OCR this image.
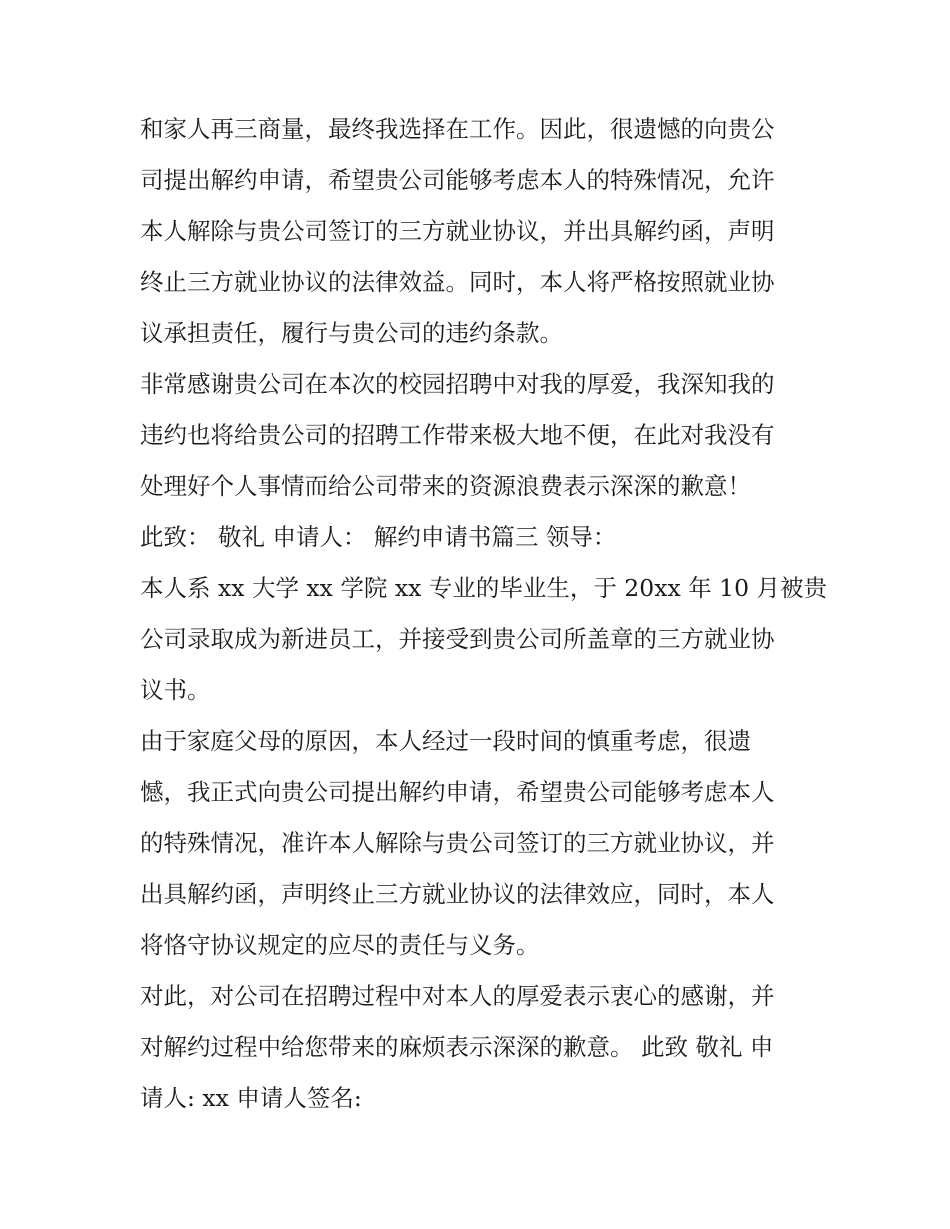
和家人再三商量，最终我选择在工作。因此，很遗憾的向贵公
司提出解约申请，希望贵公司能够考虑本人的特殊情况，允许
本人解除与贵公司签订的三方就业协议，并出具解约函，声明
终止三方就业协议的法律效益。同时，本人将严格按照就业协
议承担责任，履行与贵公司的违约条款。
非常感谢贵公司在本次的校园招聘中对我的厚爱，我深知我的
违约也将给贵公司的招聘工作带来极大地不便，在此对我没有
处理好个人事情而给公司带来的资源浪费表示深深的歉意！
此致： 敬礼 申请人： 解约申请书篇三 领导：
本人系 xx 大学 xx 学院 xx 专业的毕业生，于 20xx 年 10 月被贵
公司录取成为新进员工，并接受到贵公司所盖章的三方就业协
议书。
由于家庭父母的原因，本人经过一段时间的慎重考虑，很遗
憾，我正式向贵公司提出解约申请，希望贵公司能够考虑本人
的特殊情况，准许本人解除与贵公司签订的三方就业协议，并
出具解约函，声明终止三方就业协议的法律效应，同时，本人
将恪守协议规定的应尽的责任与义务。
对此，对公司在招聘过程中对本人的厚爱表示衷心的感谢，并
对解约过程中给您带来的麻烦表示深深的歉意。 此致 敬礼 申
请人: xx 申请人签名:
